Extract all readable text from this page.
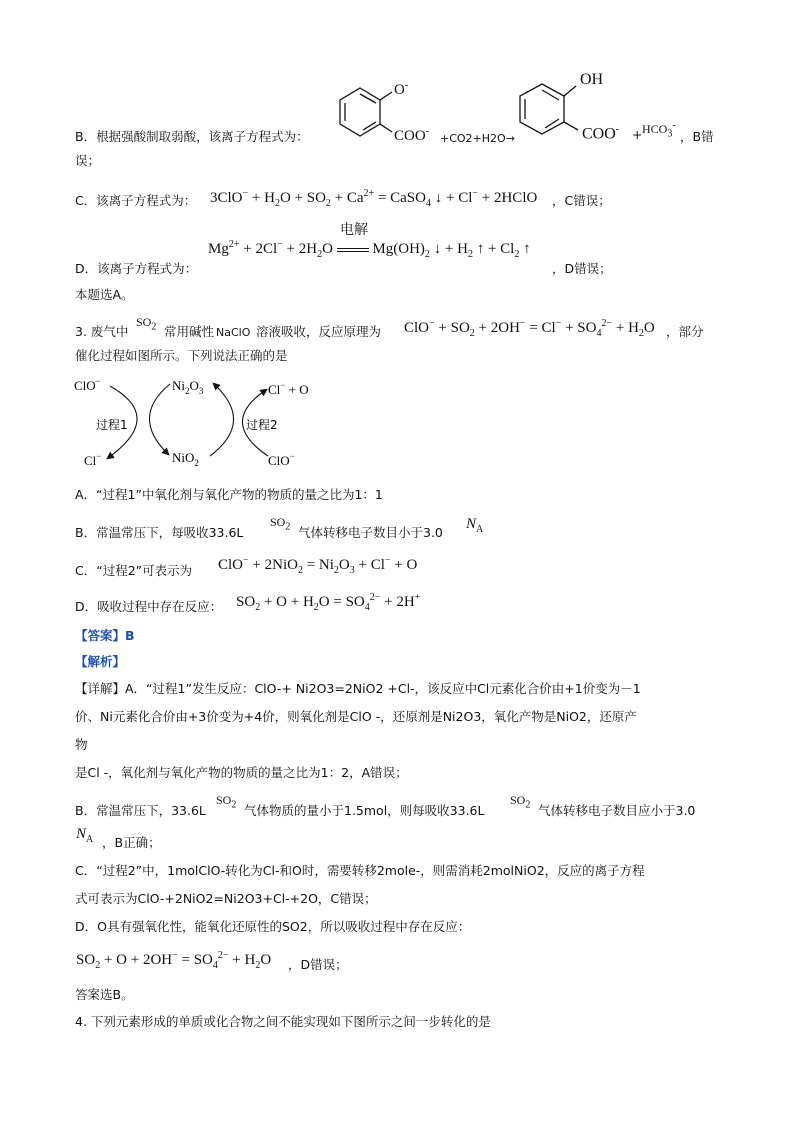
O-
COO-
B．根据强酸制取弱酸，该离子方程式为：	+CO2+H2O→
OH
$COO^- + HCO_3^-$
，B错
误；
C．该离子方程式为： $3ClO^- + H_2O + SO_2 + Ca^{2+}$ = CaSO$_4$ ↓ + Cl− + 2HClO ，C错误；
电解
$Mg^{2+} + 2Cl^- + 2H_2O$  $Mg(OH)_2$ ↓ + $H_2$ ↑ + $Cl_2$ ↑
D．该离子方程式为：	，D错误；
本题选A。
3. 废气中
$SO_2$ 常用碱性 NaClO 溶液吸收，反应原理为 $ClO^- + SO_2 + 2OH^- = Cl^- + SO_4^{2-} + H_2O$ ，部分
催化过程如图所示。下列说法正确的是
ClO−	$Ni_2O_3$	Cl− + O
过程1	过程2
Cl−	NiO$_2$	ClO−
A．“过程1”中氧化剂与氧化产物的物质的量之比为1：1
B．常温常压下，每吸收33.6L
$SO_2$ 气体转移电子数目小于3.0
$N_A$
C．“过程2”可表示为 $ClO^- + 2NiO_2 = Ni_2O_3 + Cl^- + O$
D．吸收过程中存在反应： $SO_2 + O + H_2O = SO_4^{2-} + 2H^+$
【答案】B
【解析】
【详解】A．“过程1”发生反应：ClO-+ Ni2O3=2NiO2 +Cl-，该反应中Cl元素化合价由+1价变为－1
价、Ni元素化合价由+3价变为+4价，则氧化剂是ClO -，还原剂是Ni2O3，氧化产物是NiO2，还原产
物
是Cl -，氧化剂与氧化产物的物质的量之比为1：2，A错误；
B．常温常压下，33.6L
$SO_2$ 气体物质的量小于1.5mol，则每吸收33.6L
$SO_2$ 气体转移电子数目应小于3.0
$N_A$ ，B正确；
C．“过程2”中，1molClO-转化为Cl-和O时，需要转移2mole-，则需消耗2molNiO2，反应的离子方程
式可表示为ClO-+2NiO2=Ni2O3+Cl-+2O，C错误；
D．O具有强氧化性，能氧化还原性的SO2，所以吸收过程中存在反应：
$SO_2 + O + 2OH^- = SO_4^{2-} + H_2O$ ，D错误；
答案选B。
4. 下列元素形成的单质或化合物之间不能实现如下图所示之间一步转化的是
